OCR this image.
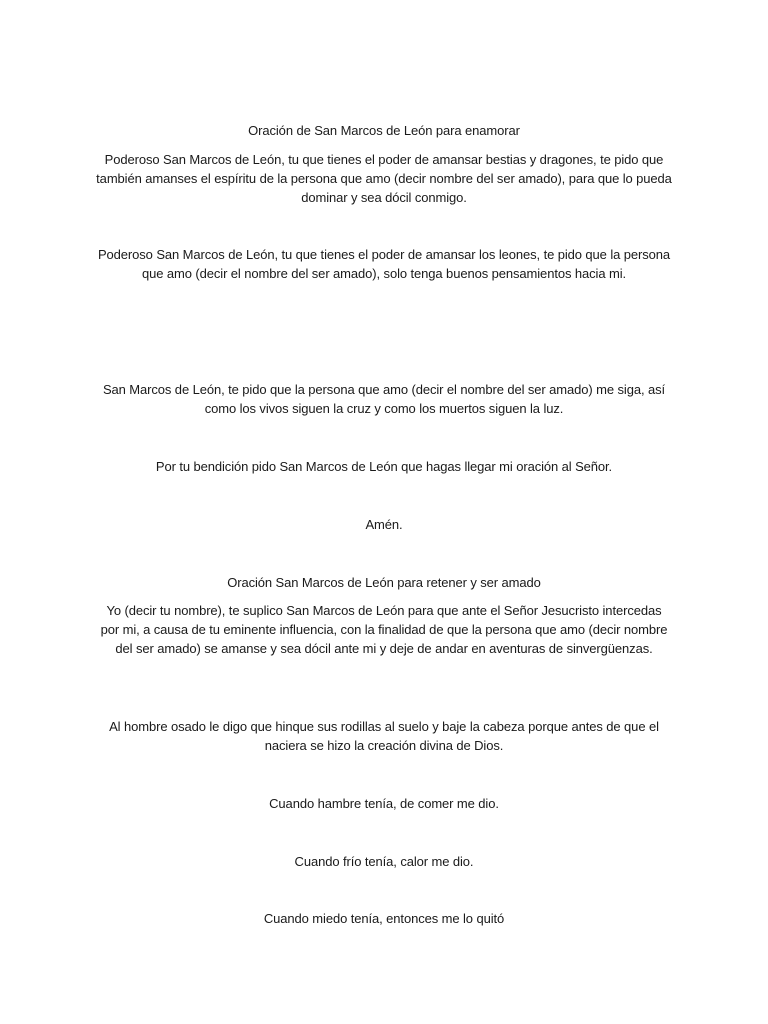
Oración de San Marcos de León para enamorar
Poderoso San Marcos de León, tu que tienes el poder de amansar bestias y dragones, te pido que también amanses el espíritu de la persona que amo (decir nombre del ser amado), para que lo pueda dominar y sea dócil conmigo.
Poderoso San Marcos de León, tu que tienes el poder de amansar los leones, te pido que la persona que amo (decir el nombre del ser amado), solo tenga buenos pensamientos hacia mi.
San Marcos de León, te pido que la persona que amo (decir el nombre del ser amado) me siga, así como los vivos siguen la cruz y como los muertos siguen la luz.
Por tu bendición pido San Marcos de León que hagas llegar mi oración al Señor.
Amén.
Oración San Marcos de León para retener y ser amado
Yo (decir tu nombre), te suplico San Marcos de León para que ante el Señor Jesucristo intercedas por mi, a causa de tu eminente influencia, con la finalidad de que la persona que amo (decir nombre del ser amado) se amanse y sea dócil ante mi y deje de andar en aventuras de sinvergüenzas.
Al hombre osado le digo que hinque sus rodillas al suelo y baje la cabeza porque antes de que el naciera se hizo la creación divina de Dios.
Cuando hambre tenía, de comer me dio.
Cuando frío tenía, calor me dio.
Cuando miedo tenía, entonces me lo quitó
